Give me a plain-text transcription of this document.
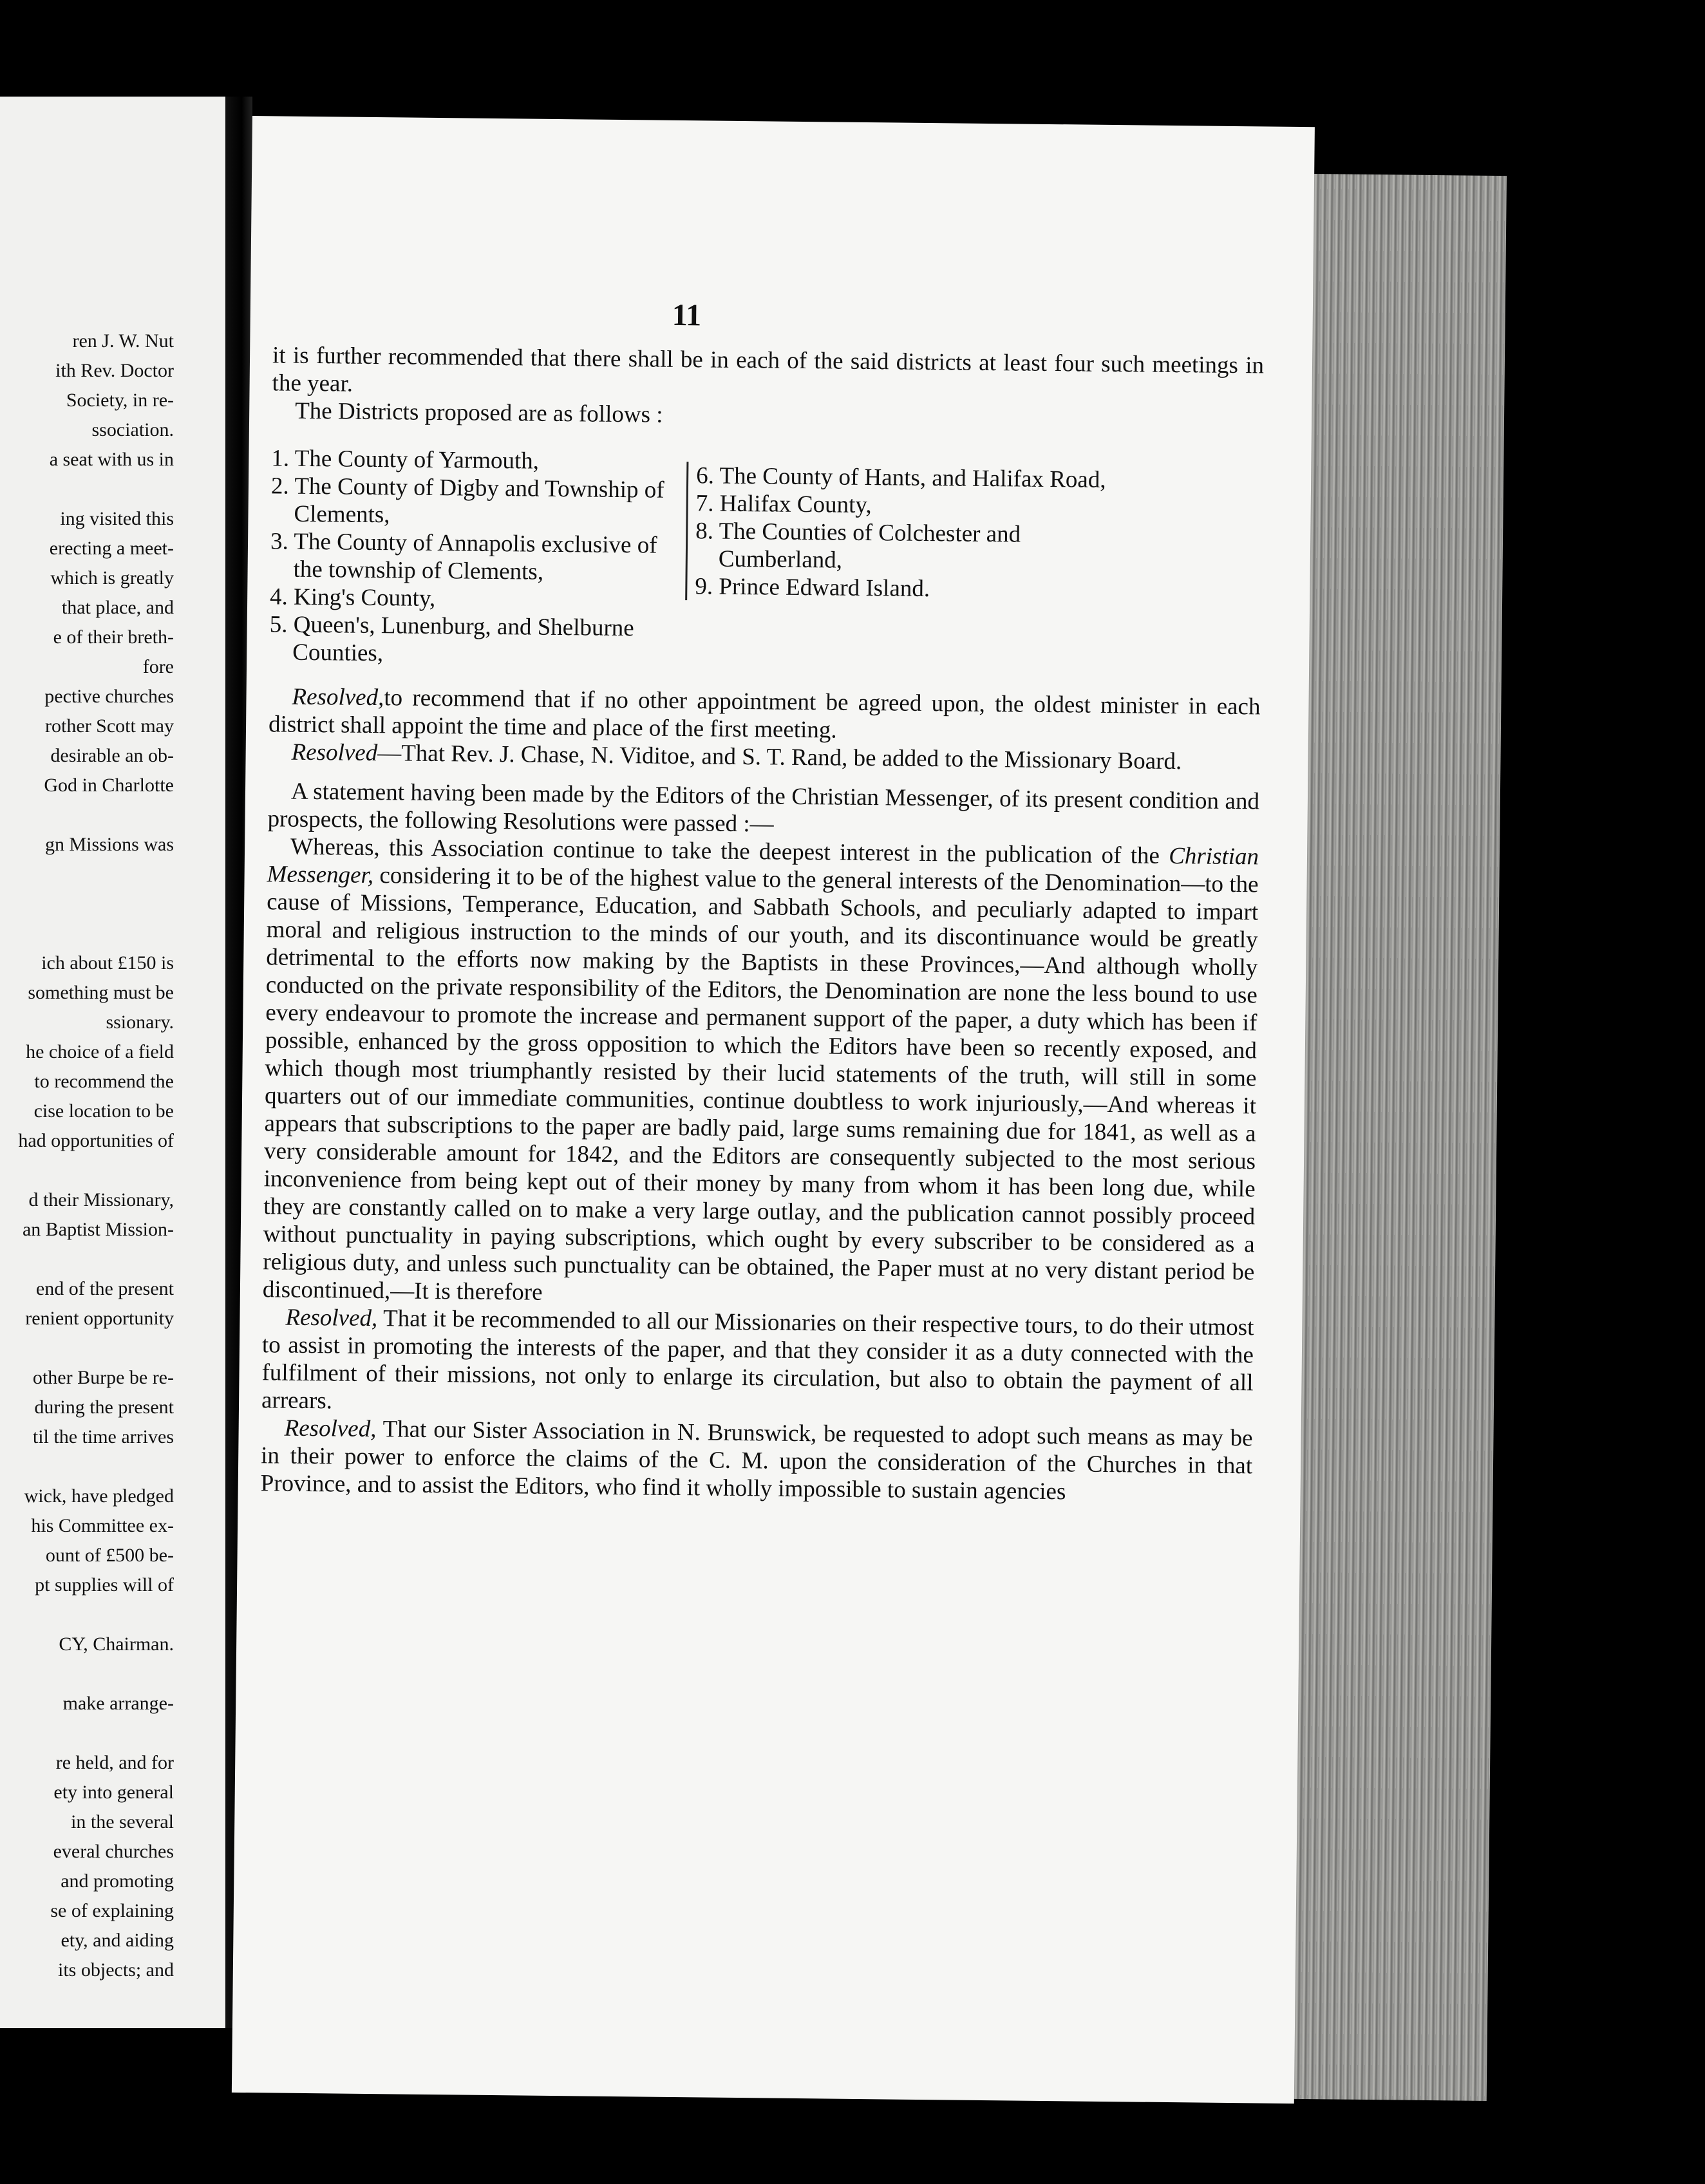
ren J. W. Nut
ith Rev. Doctor
Society, in re-
ssociation.
a seat with us in
ing visited this
erecting a meet-
which is greatly
that place, and
e of their breth-
fore
pective churches
rother Scott may
desirable an ob-
God in Charlotte
gn Missions was
ich about £150 is
something must be
ssionary.
he choice of a field
to recommend the
cise location to be
had opportunities of
d their Missionary,
an Baptist Mission-
end of the present
renient opportunity
other Burpe be re-
during the present
til the time arrives
wick, have pledged
his Committee ex-
ount of £500 be-
pt supplies will of
CY, Chairman.
make arrange-
re held, and for
ety into general
in the several
everal churches
and promoting
se of explaining
ety, and aiding
its objects; and
11

it is further recommended that there shall be in each of the said districts at least four such meetings in the year.

The Districts proposed are as follows :

1. The County of Yarmouth,

2. The County of Digby and Township of Clements,

3. The County of Annapolis exclusive of the township of Clements,

4. King's County,

5. Queen's, Lunenburg, and Shelburne Counties,

6. The County of Hants, and Halifax Road,

7. Halifax County,

8. The Counties of Colchester and Cumberland,

9. Prince Edward Island.

Resolved,to recommend that if no other appointment be agreed upon, the oldest minister in each district shall appoint the time and place of the first meeting.

Resolved—That Rev. J. Chase, N. Viditoe, and S. T. Rand, be added to the Missionary Board.

A statement having been made by the Editors of the Christian Messenger, of its present condition and prospects, the following Resolutions were passed :—

Whereas, this Association continue to take the deepest interest in the publication of the Christian Messenger, considering it to be of the highest value to the general interests of the Denomination—to the cause of Missions, Temperance, Education, and Sabbath Schools, and peculiarly adapted to impart moral and religious instruction to the minds of our youth, and its discontinuance would be greatly detrimental to the efforts now making by the Baptists in these Provinces,—And although wholly conducted on the private responsibility of the Editors, the Denomination are none the less bound to use every endeavour to promote the increase and permanent support of the paper, a duty which has been if possible, enhanced by the gross opposition to which the Editors have been so recently exposed, and which though most triumphantly resisted by their lucid statements of the truth, will still in some quarters out of our immediate communities, continue doubtless to work injuriously,—And whereas it appears that subscriptions to the paper are badly paid, large sums remaining due for 1841, as well as a very considerable amount for 1842, and the Editors are consequently subjected to the most serious inconvenience from being kept out of their money by many from whom it has been long due, while they are constantly called on to make a very large outlay, and the publication cannot possibly proceed without punctuality in paying subscriptions, which ought by every subscriber to be considered as a religious duty, and unless such punctuality can be obtained, the Paper must at no very distant period be discontinued,—It is therefore

Resolved, That it be recommended to all our Missionaries on their respective tours, to do their utmost to assist in promoting the interests of the paper, and that they consider it as a duty connected with the fulfilment of their missions, not only to enlarge its circulation, but also to obtain the payment of all arrears.

Resolved, That our Sister Association in N. Brunswick, be requested to adopt such means as may be in their power to enforce the claims of the C. M. upon the consideration of the Churches in that Province, and to assist the Editors, who find it wholly impossible to sustain agencies
